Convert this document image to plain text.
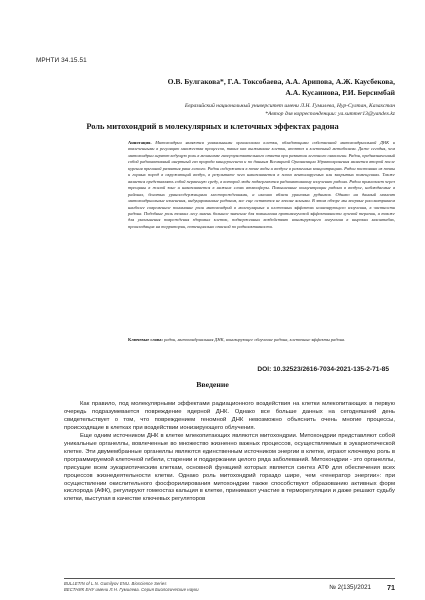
МРНТИ 34.15.51
О.В. Булгакова*, Г.А. Токсобаева, А.А. Арипова, А.Ж. Каусбекова,
А.А. Кусаинова, Р.И. Берсимбай
Евразийский национальный университет имени Л.Н. Гумилева, Нур-Султан, Казахстан
*Автор для корреспонденции: ya.summer13@yandex.kz
Роль митохондрий в молекулярных и клеточных эффектах радона
Аннотация. Митохондрии являются уникальными органеллами клетки, обладающими собственной митохондриальной ДНК и вовлеченными в регуляцию множества процессов, таких как выживание клетки, апоптоз и клеточный метаболизм. Даже сегодня, чем митохондрии играют ведущую роль в механизме гиперчувствительного ответа при развитии легочного онкологии. Радон, предназначенный собой радиоактивный инертный газ природа канцерогенеза и по данным Всемирной Организации Здравоохранения является второй после курения причиной развития рака легкого. Радон содержится в почве воды и воздухе в различных концентрациях. Радон постоянно из почвы и горных пород в окружающий воздух, в результате чего накапливается в плохо вентилируемых или закрытых помещениях. Также является представлять собой первичную среду, в которой люди подвергаются радиоактивному излучению радона. Радон привлекает через трещины в жилой зоне и накапливается в нижних слоях атмосферы. Повышенные концентрации радона в воздухе, наблюдаемые в районах, богатых ураносодержащими месторождениями, а именно вблизи урановых рудников. Однако на данный момент митохондриальные изменения, индуцированные радоном, все еще остаются не вполне ясными. В этом обзоре мы впервые рассматриваем наиболее современное понимание роли митохондрий в молекулярных и клеточных эффектах ионизирующего излучения, в частности радона. Подобные роль тонких лесу ливень большое значение для повышения противолучевой эффективности лучевой терапии, а также для уменьшения повреждения здоровых клеток, подверженных воздействию ионизирующего излучения в широких масштабах, происходящих на территории, потенциально опасной по радиоактивности.
Ключевые слова: радон, митохондриальная ДНК, ионизирующее облучение радона, клеточные эффекты радона.
DOI: 10.32523/2616-7034-2021-135-2-71-85
Введение

Как правило, под молекулярными эффектами радиационного воздействия на клетки млекопитающих в первую очередь подразумевается повреждение ядерной ДНК. Однако все больше данных на сегодняшний день свидетельствует о том, что повреждением геномной ДНК невозможно объяснить очень многие процессы, происходящие в клетках при воздействии ионизирующего облучения.

Еще одним источником ДНК в клетке млекопитающих являются митохондрии. Митохондрии представляют собой уникальные органеллы, вовлеченные во множество жизненно важных процессов, осуществляемых в эукариотической клетке. Эти двумембранные органеллы являются единственным источником энергии в клетке, играют ключевую роль в программируемой клеточной гибели, старении и поддержании целого ряда заболеваний. Митохондрии - это органеллы, присущие всем эукариотическим клеткам, основной функцией которых является синтез АТФ для обеспечения всех процессов жизнедеятельности клетки. Однако роль митохондрий гораздо шире, чем «генератор энергии»: при осуществлении окислительного фосфорилирования митохондрии также способствуют образованию активных форм кислорода (АФК), регулируют гомеостаз кальция в клетке, принимают участие в терморегуляции и даже решают судьбу клетки, выступая в качестве ключевых регуляторов

BULLETIN of L.N. Gumilyov ENU. Bioscience Series
ВЕСТНИК ЕНУ имени Л.Н. Гумилева. Серия Биологические науки	№ 2(135)/2021 71
